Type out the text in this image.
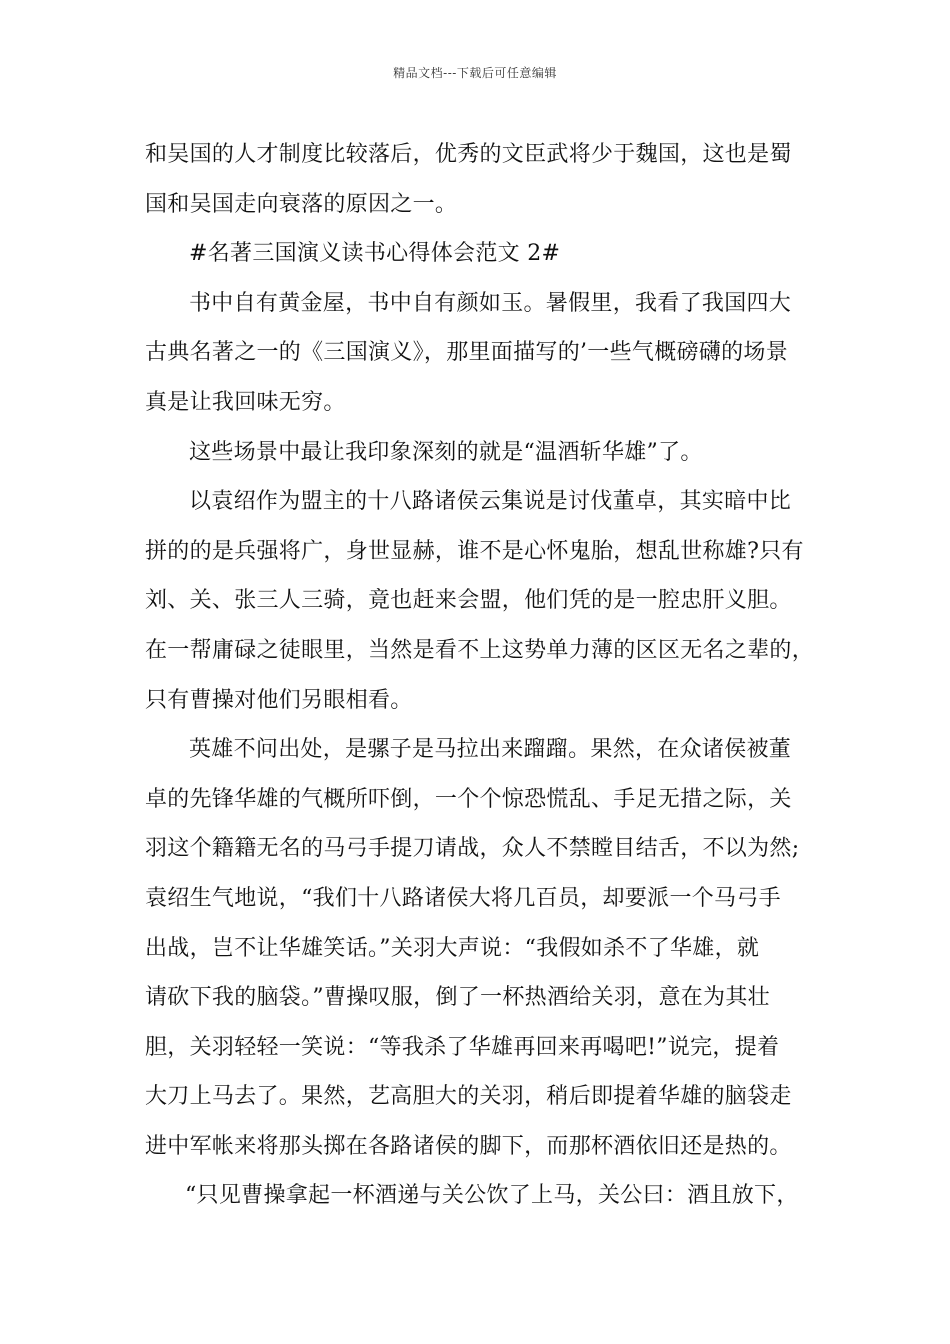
精品文档---下载后可任意编辑
和吴国的人才制度比较落后，优秀的文臣武将少于魏国，这也是蜀
国和吴国走向衰落的原因之一。
#名著三国演义读书心得体会范文 2#
书中自有黄金屋，书中自有颜如玉。暑假里，我看了我国四大
古典名著之一的《三国演义》，那里面描写的’一些气概磅礴的场景
真是让我回味无穷。
这些场景中最让我印象深刻的就是“温酒斩华雄”了。
以袁绍作为盟主的十八路诸侯云集说是讨伐董卓，其实暗中比
拼的的是兵强将广，身世显赫，谁不是心怀鬼胎，想乱世称雄?只有
刘、关、张三人三骑，竟也赶来会盟，他们凭的是一腔忠肝义胆。
在一帮庸碌之徒眼里，当然是看不上这势单力薄的区区无名之辈的，
只有曹操对他们另眼相看。
英雄不问出处，是骡子是马拉出来蹓蹓。果然，在众诸侯被董
卓的先锋华雄的气概所吓倒，一个个惊恐慌乱、手足无措之际，关
羽这个籍籍无名的马弓手提刀请战，众人不禁瞠目结舌，不以为然;
袁绍生气地说，“我们十八路诸侯大将几百员，却要派一个马弓手
出战，岂不让华雄笑话。”关羽大声说：“我假如杀不了华雄，就
请砍下我的脑袋。”曹操叹服，倒了一杯热酒给关羽，意在为其壮
胆，关羽轻轻一笑说：“等我杀了华雄再回来再喝吧!”说完，提着
大刀上马去了。果然，艺高胆大的关羽，稍后即提着华雄的脑袋走
进中军帐来将那头掷在各路诸侯的脚下，而那杯酒依旧还是热的。
“只见曹操拿起一杯酒递与关公饮了上马，关公曰：酒且放下，
